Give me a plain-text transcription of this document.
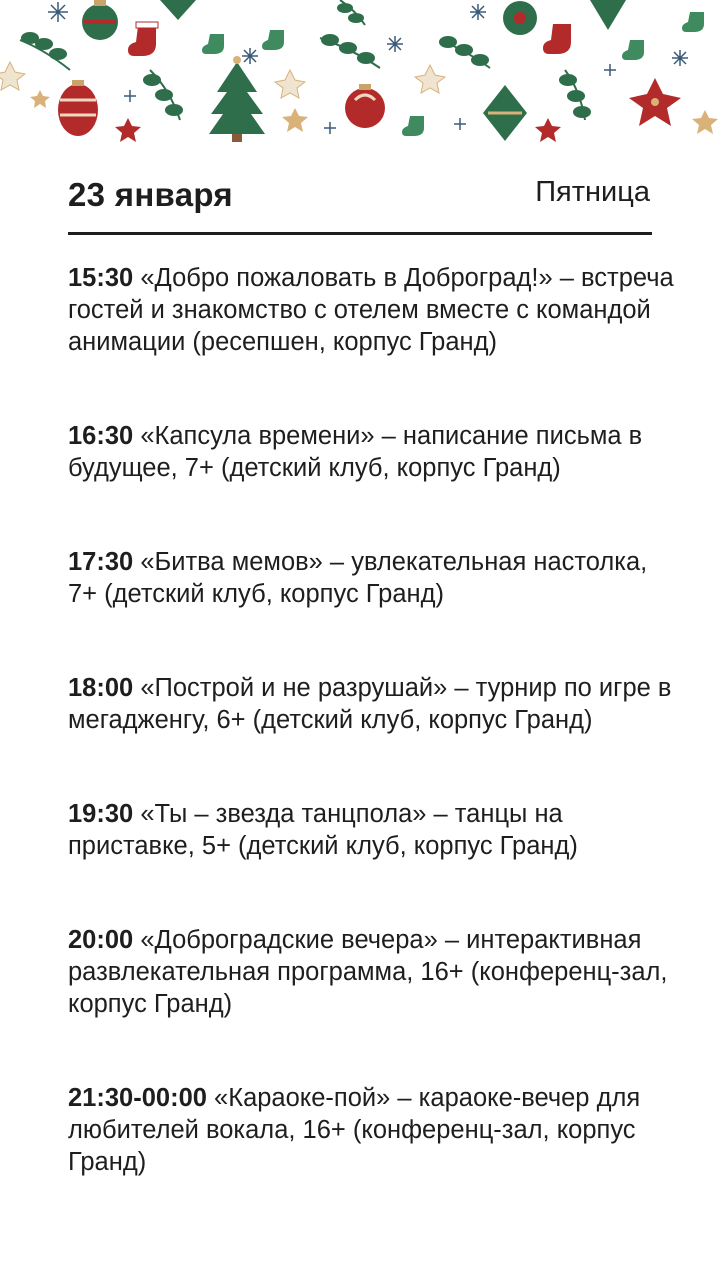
23 января	Пятница

15:30 «Добро пожаловать в Доброград!» – встреча гостей и знакомство с отелем вместе с командой анимации (ресепшен, корпус Гранд)

16:30 «Капсула времени» – написание письма в будущее, 7+ (детский клуб, корпус Гранд)

17:30 «Битва мемов» – увлекательная настолка, 7+ (детский клуб, корпус Гранд)

18:00 «Построй и не разрушай» – турнир по игре в мегадженгу, 6+ (детский клуб, корпус Гранд)

19:30 «Ты – звезда танцпола» – танцы на приставке, 5+ (детский клуб, корпус Гранд)

20:00 «Доброградские вечера» – интерактивная развлекательная программа, 16+ (конференц-зал, корпус Гранд)

21:30-00:00 «Караоке-пой» – караоке-вечер для любителей вокала, 16+ (конференц-зал, корпус Гранд)
